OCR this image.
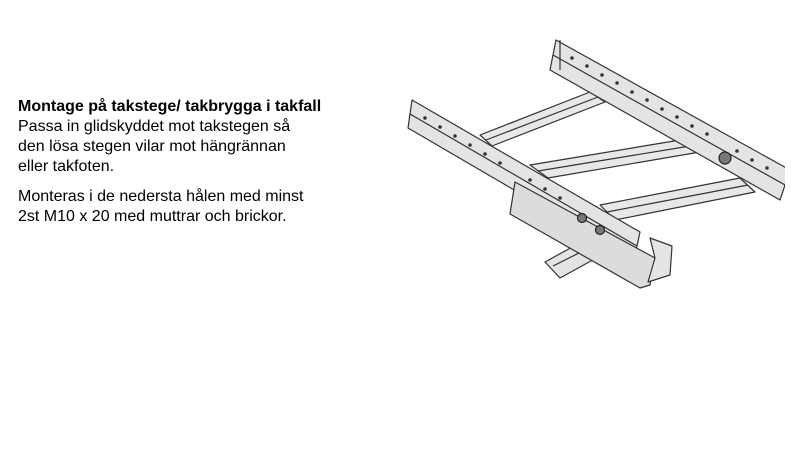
Montage på takstege/ takbrygga i takfall

Passa in glidskyddet mot takstegen så
den lösa stegen vilar mot hängrännan
eller takfoten.

Monteras i de nedersta hålen med minst
2st M10 x 20 med muttrar och brickor.
